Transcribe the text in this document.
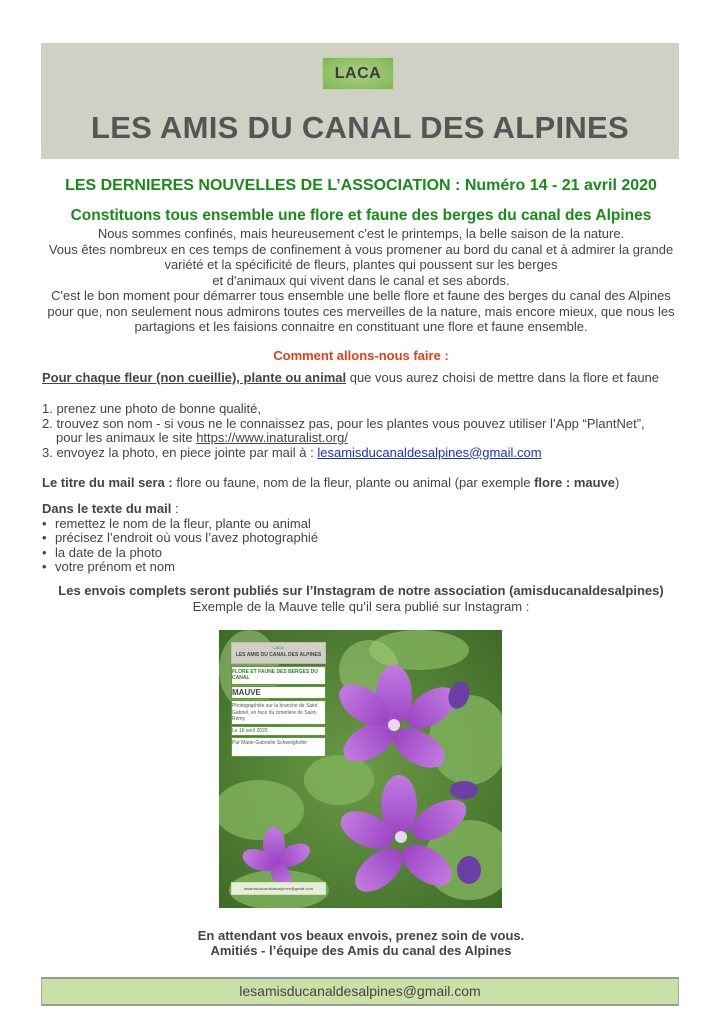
LACA
LES AMIS DU CANAL DES ALPINES
LES DERNIERES NOUVELLES DE L’ASSOCIATION : Numéro 14 - 21 avril 2020
Constituons tous ensemble une flore et faune des berges du canal des Alpines

Nous sommes confinés, mais heureusement c'est le printemps, la belle saison de la nature.

Vous êtes nombreux en ces temps de confinement à vous promener au bord du canal et à admirer la grande variété et la spécificité de fleurs, plantes qui poussent sur les berges

et d'animaux qui vivent dans le canal et ses abords.

C'est le bon moment pour démarrer tous ensemble une belle flore et faune des berges du canal des Alpines pour que, non seulement nous admirons toutes ces merveilles de la nature, mais encore mieux, que nous les partagions et les faisions connaitre en constituant une flore et faune ensemble.

Comment allons-nous faire :
Pour chaque fleur (non cueillie), plante ou animal que vous aurez choisi de mettre dans la flore et faune
1. prenez une photo de bonne qualité,
2. trouvez son nom - si vous ne le connaissez pas, pour les plantes vous pouvez utiliser l’App “PlantNet”,
pour les animaux le site https://www.inaturalist.org/
3. envoyez la photo, en piece jointe par mail à : lesamisducanaldesalpines@gmail.com
Le titre du mail sera : flore ou faune, nom de la fleur, plante ou animal (par exemple flore : mauve)
Dans le texte du mail :
• remettez le nom de la fleur, plante ou animal
• précisez l’endroit où vous l’avez photographié
• la date de la photo
• votre prénom et nom
Les envois complets seront publiés sur l’Instagram de notre association (amisducanaldesalpines)
Exemple de la Mauve telle qu’il sera publié sur Instagram :
LACA
LES AMIS DU CANAL DES ALPINES
FLORE ET FAUNE DES BERGES DU CANAL
MAUVE
Photographiée sur la branche de Saint Gabriel, en face du cimetière de Saint-Rémy
Le 16 avril 2020
Par Marie-Gabrielle Schweighofer
lesamisducanaldesalpines@gmail.com
En attendant vos beaux envois, prenez soin de vous.
Amitiés - l’équipe des Amis du canal des Alpines
lesamisducanaldesalpines@gmail.com
